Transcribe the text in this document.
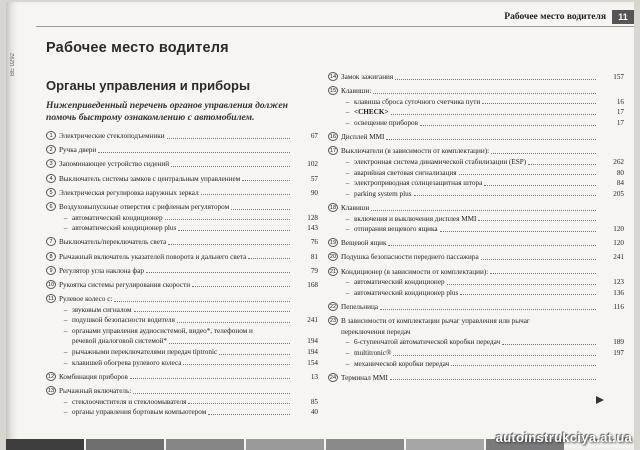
BE 0292
Рабочее место водителя	11
Рабочее место водителя
Органы управления и приборы

Нижеприведенный перечень органов управления должен помочь быстрому ознакомлению с автомобилем.

1 Электрические стеклоподъемники	67
2 Ручка двери
3 Запоминающее устройство сидений	102
4 Выключатель системы замков с центральным управлением	57
5 Электрическая регулировка наружных зеркал	90
6 Воздуховыпускные отверстия с рифленым регулятором
– автоматический кондиционер	128
– автоматический кондиционер plus	143
7 Выключатель/переключатель света	76
8 Рычажный включатель указателей поворота и дальнего света	81
9 Регулятор угла наклона фар	79
10 Рукоятка системы регулирования скорости	168
11 Рулевое колесо с:
– звуковым сигналом
– подушкой безопасности водителя	241
– органами управления аудиосистемой, видео*, телефоном и
речевой диалоговой системой*	194
– рычажными переключателями передач tiptronic	194
– клавишей обогрева рулевого колеса	154
12 Комбинация приборов	13
13 Рычажный включатель:
– стеклоочистителя и стеклоомывателя	85
– органы управления бортовым компьютером	40
14 Замок зажигания	157
15 Клавиши:
– клавиша сброса суточного счетчика пути	16
– <CHECK>	17
– освещение приборов	17
16 Дисплей MMI
17 Выключатели (в зависимости от комплектации):
– электронная система динамической стабилизации (ESP)	262
– аварийная световая сигнализация	80
– электроприводная солнцезащитная штора	84
– parking system plus	205
18 Клавиши
– включения и выключения дисплея MMI
– отпирания вещевого ящика	120
19 Вещевой ящик	120
20 Подушка безопасности переднего пассажира	241
21 Кондиционер (в зависимости от комплектации):
– автоматический кондиционер	123
– автоматический кондиционер plus	136
22 Пепельница	116
23 В зависимости от комплектации рычаг управления или рычаг
переключения передач
– 6-ступенчатой автоматической коробки передач	189
– multitronic®	197
– механической коробки передач
24 Терминал MMI
autoinstrukciya.at.ua
